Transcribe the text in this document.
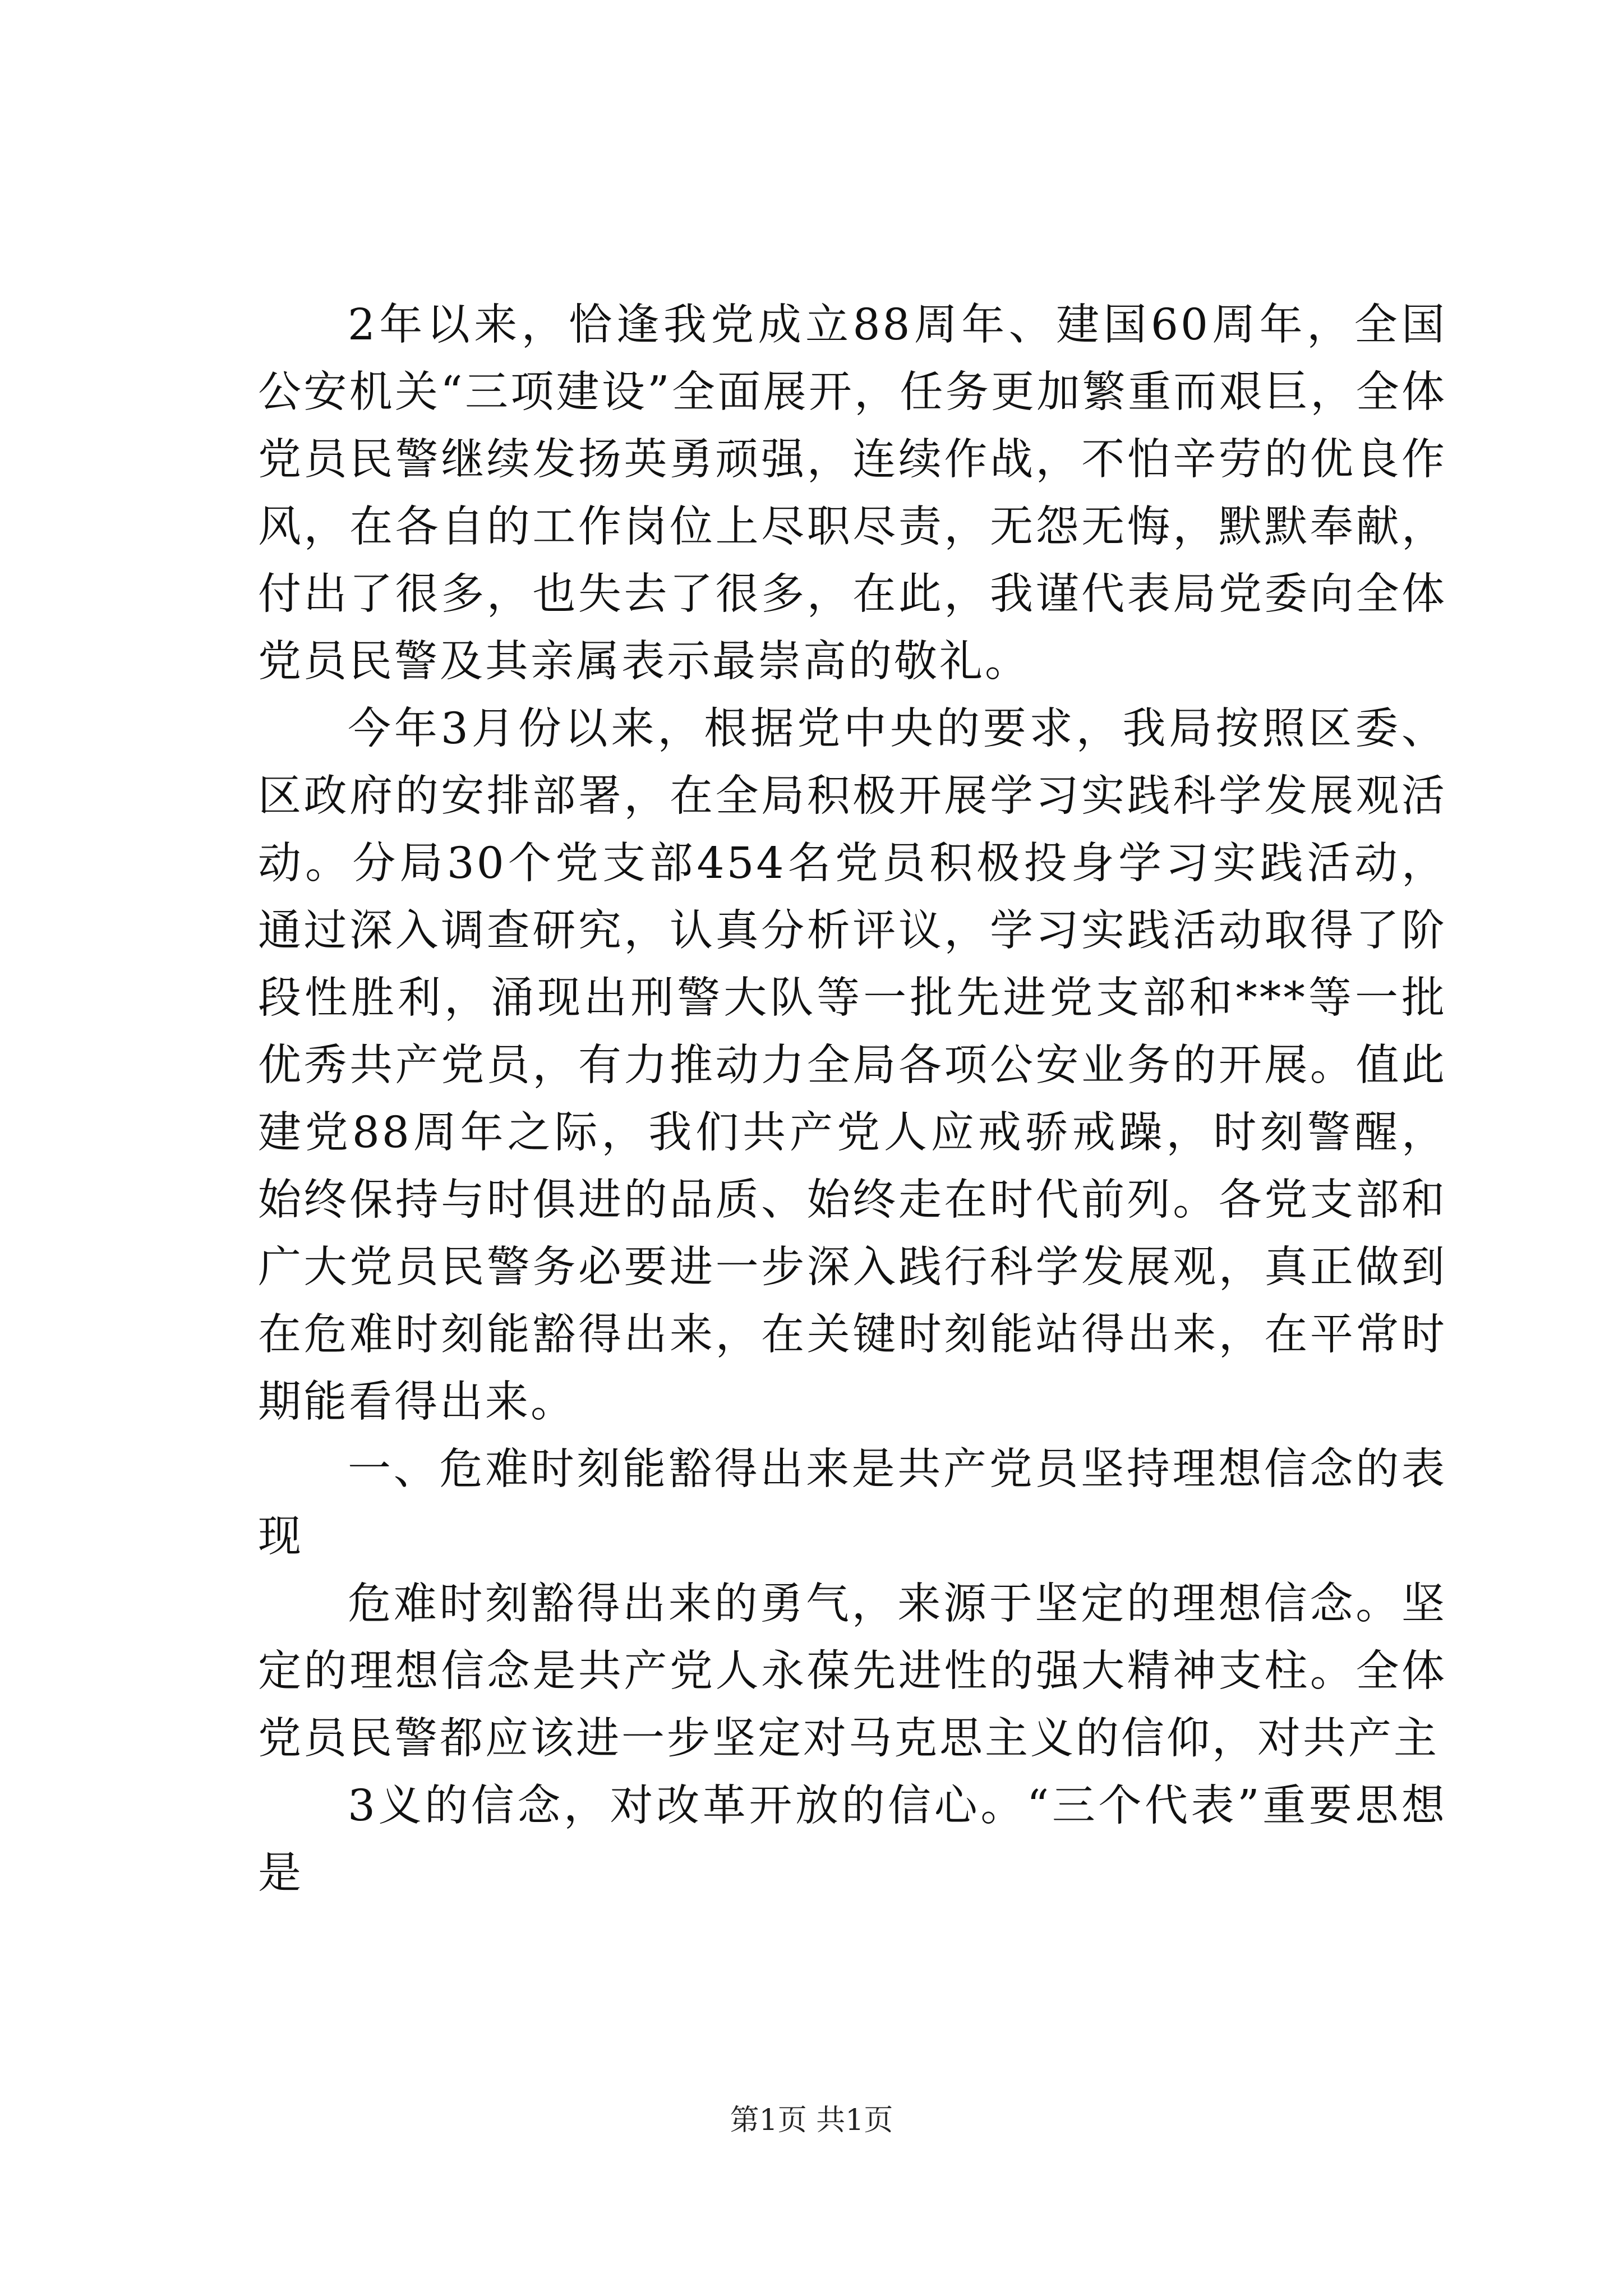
2年以来，恰逢我党成立88周年、建国60周年，全国公安机关“三项建设”全面展开，任务更加繁重而艰巨，全体党员民警继续发扬英勇顽强，连续作战，不怕辛劳的优良作风，在各自的工作岗位上尽职尽责，无怨无悔，默默奉献，付出了很多，也失去了很多，在此，我谨代表局党委向全体党员民警及其亲属表示最崇高的敬礼。

今年3月份以来，根据党中央的要求，我局按照区委、区政府的安排部署，在全局积极开展学习实践科学发展观活动。分局30个党支部454名党员积极投身学习实践活动，通过深入调查研究，认真分析评议，学习实践活动取得了阶段性胜利，涌现出刑警大队等一批先进党支部和***等一批优秀共产党员，有力推动力全局各项公安业务的开展。值此建党88周年之际，我们共产党人应戒骄戒躁，时刻警醒，始终保持与时俱进的品质、始终走在时代前列。各党支部和广大党员民警务必要进一步深入践行科学发展观，真正做到在危难时刻能豁得出来，在关键时刻能站得出来，在平常时期能看得出来。

一、危难时刻能豁得出来是共产党员坚持理想信念的表现

危难时刻豁得出来的勇气，来源于坚定的理想信念。坚定的理想信念是共产党人永葆先进性的强大精神支柱。全体党员民警都应该进一步坚定对马克思主义的信仰，对共产主

3义的信念，对改革开放的信心。“三个代表”重要思想是

第1页 共1页
